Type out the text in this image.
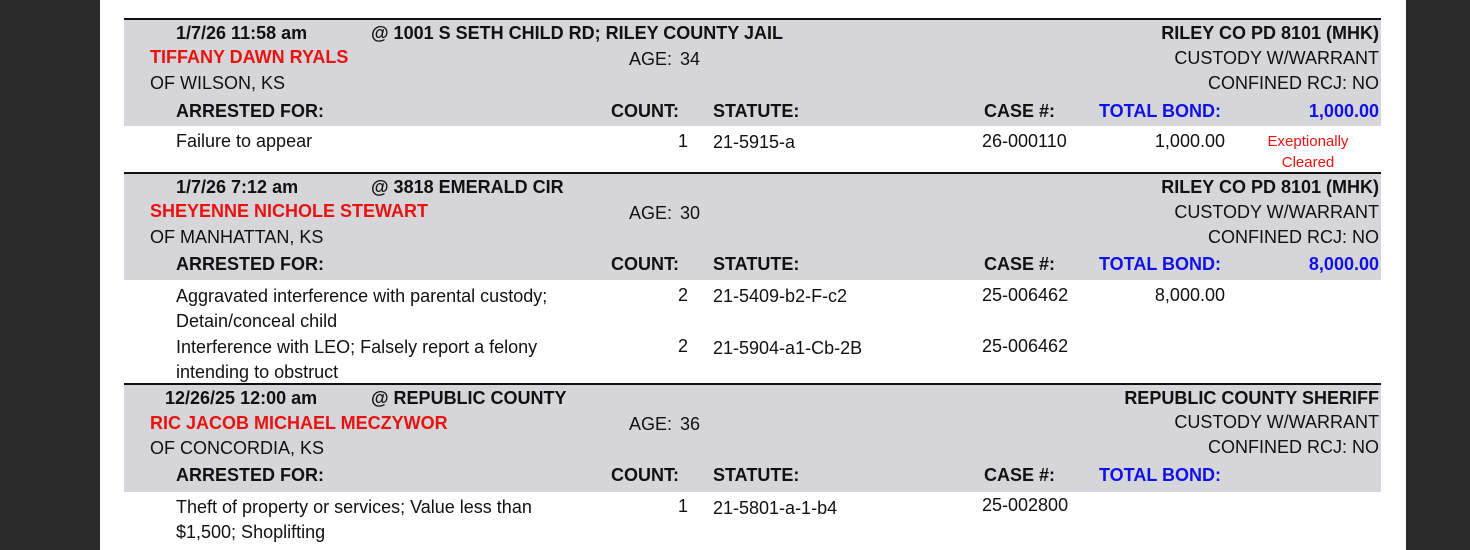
1/7/26 11:58 am	@ 1001 S SETH CHILD RD; RILEY COUNTY JAIL	RILEY CO PD 8101 (MHK)
TIFFANY DAWN RYALS	AGE: 34	CUSTODY W/WARRANT
OF WILSON, KS	CONFINED RCJ: NO
ARRESTED FOR:	COUNT: STATUTE:	CASE #: TOTAL BOND:	1,000.00
Failure to appear	1 21-5915-a	26-000110	1,000.00	Exeptionally
Cleared
1/7/26 7:12 am	@ 3818 EMERALD CIR	RILEY CO PD 8101 (MHK)
SHEYENNE NICHOLE STEWART	AGE: 30	CUSTODY W/WARRANT
OF MANHATTAN, KS	CONFINED RCJ: NO
ARRESTED FOR:	COUNT: STATUTE:	CASE #: TOTAL BOND:	8,000.00
Aggravated interference with parental custody;
Detain/conceal child
2 21-5409-b2-F-c2	25-006462	8,000.00
Interference with LEO; Falsely report a felony
intending to obstruct
2 21-5904-a1-Cb-2B	25-006462
12/26/25 12:00 am	@ REPUBLIC COUNTY	REPUBLIC COUNTY SHERIFF
RIC JACOB MICHAEL MECZYWOR	AGE: 36	CUSTODY W/WARRANT
OF CONCORDIA, KS	CONFINED RCJ: NO
ARRESTED FOR:	COUNT: STATUTE:	CASE #: TOTAL BOND:
Theft of property or services; Value less than
$1,500; Shoplifting
1 21-5801-a-1-b4	25-002800
